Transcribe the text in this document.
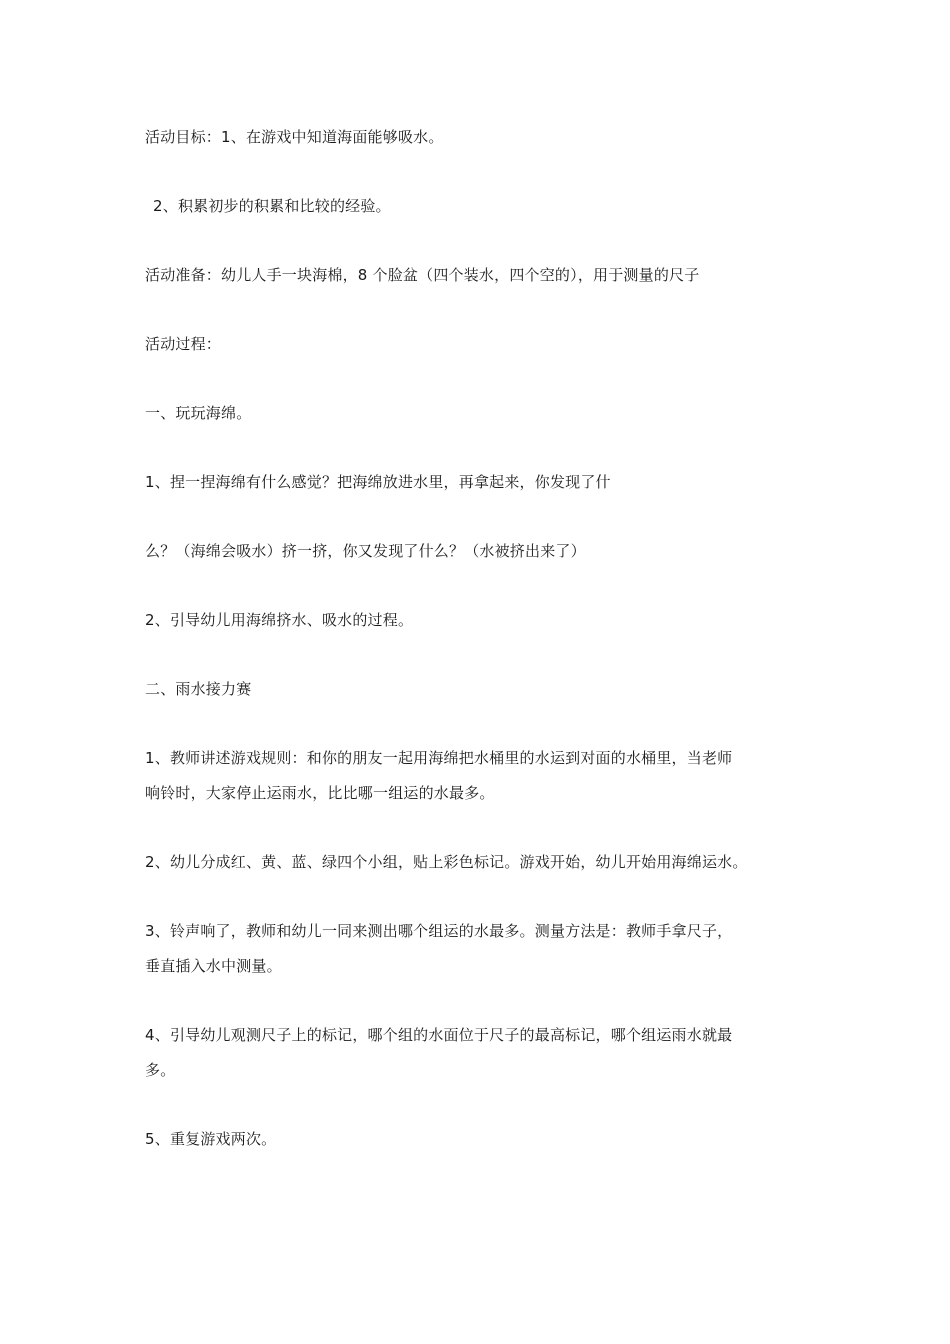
活动目标：1、在游戏中知道海面能够吸水。
2、积累初步的积累和比较的经验。
活动准备：幼儿人手一块海棉，8 个脸盆（四个装水，四个空的），用于测量的尺子
活动过程：
一、玩玩海绵。
1、捏一捏海绵有什么感觉？把海绵放进水里，再拿起来，你发现了什
么？（海绵会吸水）挤一挤，你又发现了什么？（水被挤出来了）
2、引导幼儿用海绵挤水、吸水的过程。
二、雨水接力赛
1、教师讲述游戏规则：和你的朋友一起用海绵把水桶里的水运到对面的水桶里，当老师
响铃时，大家停止运雨水，比比哪一组运的水最多。
2、幼儿分成红、黄、蓝、绿四个小组，贴上彩色标记。游戏开始，幼儿开始用海绵运水。
3、铃声响了，教师和幼儿一同来测出哪个组运的水最多。测量方法是：教师手拿尺子，
垂直插入水中测量。
4、引导幼儿观测尺子上的标记，哪个组的水面位于尺子的最高标记，哪个组运雨水就最
多。
5、重复游戏两次。
